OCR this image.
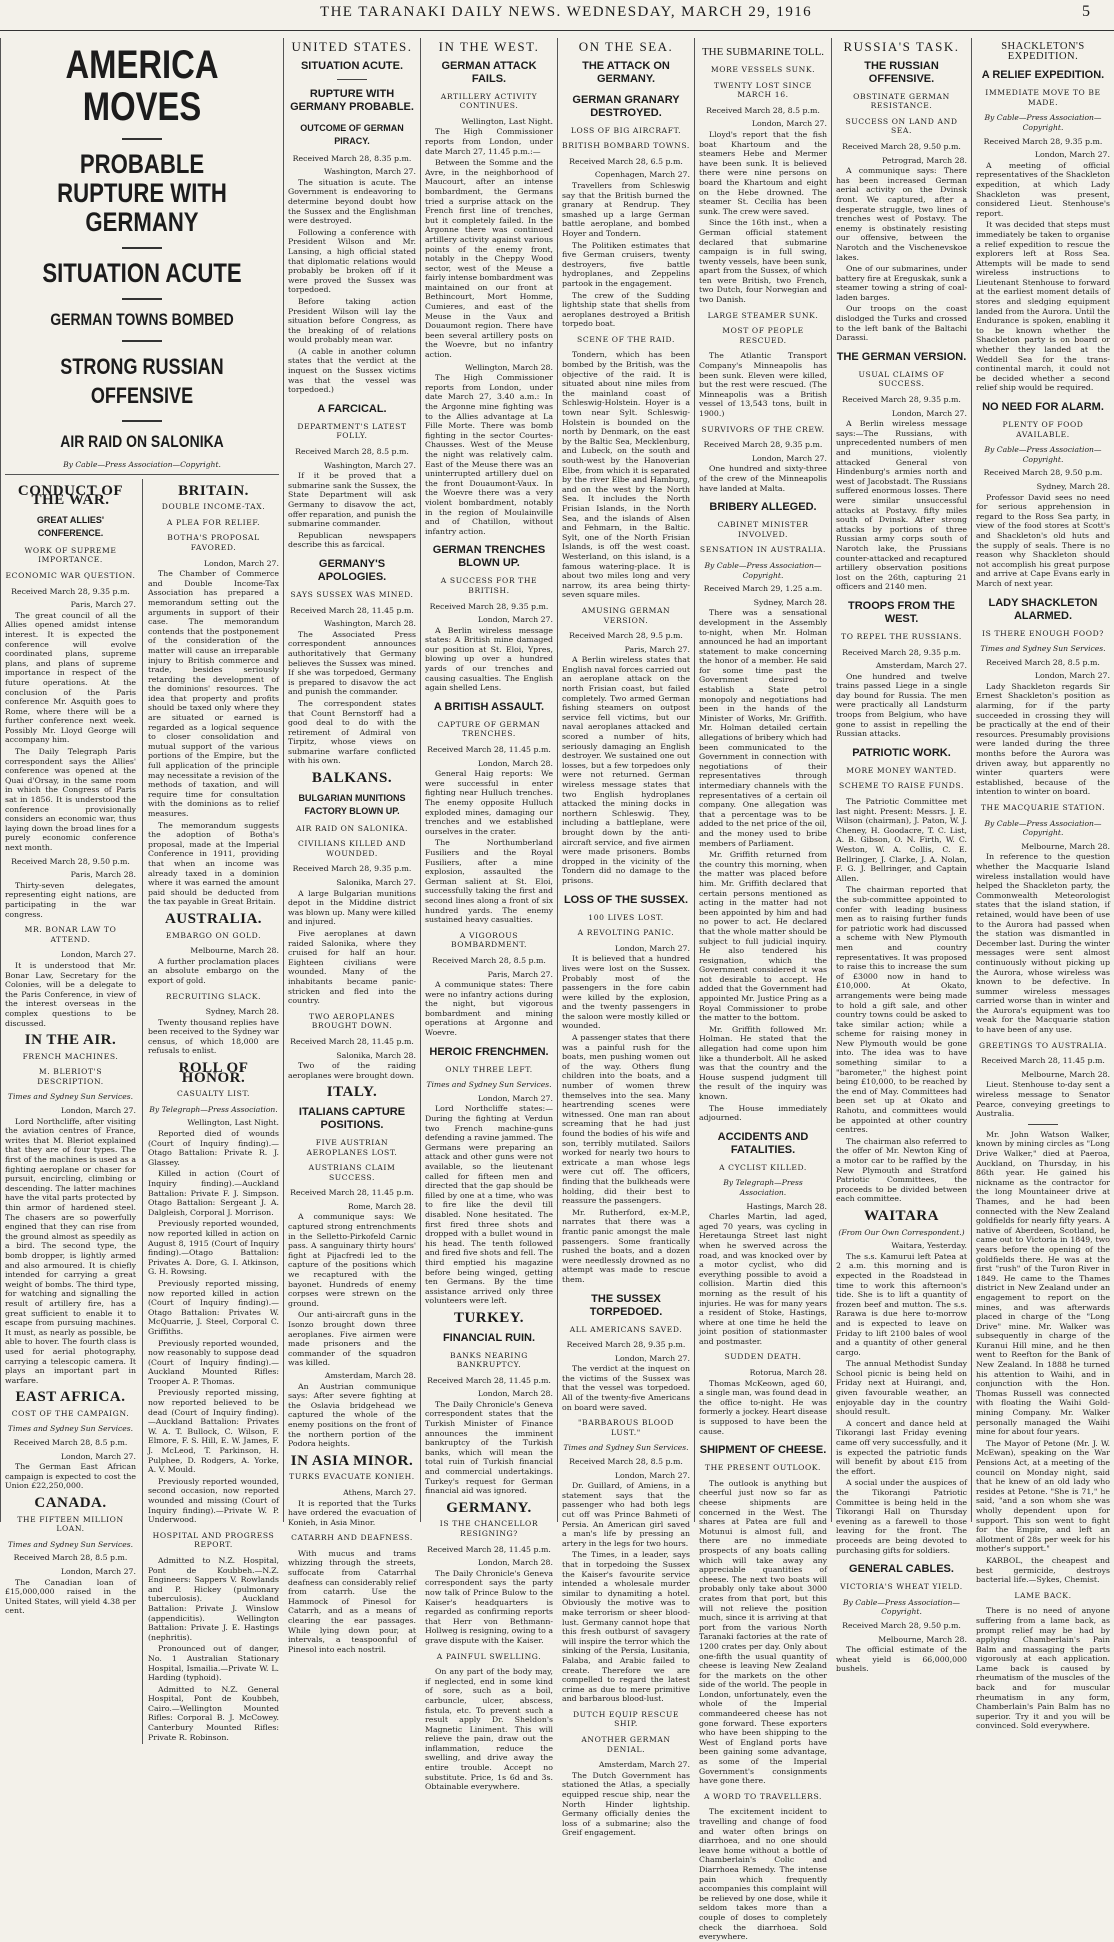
THE TARANAKI DAILY NEWS. WEDNESDAY, MARCH 29, 1916	5
AMERICA MOVES
PROBABLE RUPTURE WITH GERMANY
SITUATION ACUTE
GERMAN TOWNS BOMBED
STRONG RUSSIAN OFFENSIVE
AIR RAID ON SALONIKA
By Cable—Press Association—Copyright.
CONDUCT OF THE WAR.
GREAT ALLIES' CONFERENCE.
WORK OF SUPREME IMPORTANCE.
ECONOMIC WAR QUESTION.
Received March 28, 9.35 p.m.
Paris, March 27.

The great council of all the Allies opened amidst intense interest. It is expected the conference will evolve coordinated plans, supreme plans, and plans of supreme importance in respect of the future operations. At the conclusion of the Paris conference Mr. Asquith goes to Rome, where there will be a further conference next week. Possibly Mr. Lloyd George will accompany him.

The Daily Telegraph Paris correspondent says the Allies' conference was opened at the Quai d'Orsay, in the same room in which the Congress of Paris sat in 1856. It is understood the conference provisionally considers an economic war, thus laying down the broad lines for a purely economic conference next month.

Received March 28, 9.50 p.m.
Paris, March 28.

Thirty-seven delegates, representing eight nations, are participating in the war congress.

MR. BONAR LAW TO ATTEND.
London, March 27.

It is understood that Mr. Bonar Law, Secretary for the Colonies, will be a delegate to the Paris Conference, in view of the interest overseas in the complex questions to be discussed.

IN THE AIR.
FRENCH MACHINES.
M. BLERIOT'S DESCRIPTION.
Times and Sydney Sun Services.
London, March 27.

Lord Northcliffe, after visiting the aviation centres of France, writes that M. Bleriot explained that they are of four types. The first of the machines is used as a fighting aeroplane or chaser for pursuit, encircling, climbing or descending. The latter machines have the vital parts protected by thin armor of hardened steel. The chasers are so powerfully engined that they can rise from the ground almost as speedily as a bird. The second type, the bomb dropper, is lightly armed and also armoured. It is chiefly intended for carrying a great weight of bombs. The third type, for watching and signalling the result of artillery fire, has a great sufficient to enable it to escape from pursuing machines. It must, as nearly as possible, be able to hover. The fourth class is used for aerial photography, carrying a telescopic camera. It plays an important part in warfare.

EAST AFRICA.
COST OF THE CAMPAIGN.
Times and Sydney Sun Services.
Received March 28, 8.5 p.m.
London, March 27.

The German East African campaign is expected to cost the Union £22,250,000.

CANADA.
THE FIFTEEN MILLION LOAN.
Times and Sydney Sun Services.
Received March 28, 8.5 p.m.
London, March 27.

The Canadian loan of £15,000,000 raised in the United States, will yield 4.38 per cent.

BRITAIN.
DOUBLE INCOME-TAX.
A PLEA FOR RELIEF.
BOTHA'S PROPOSAL FAVORED.
London, March 27.

The Chamber of Commerce and Double Income-Tax Association has prepared a memorandum setting out the arguments in support of their case. The memorandum contends that the postponement of the consideration of the matter will cause an irreparable injury to British commerce and trade, besides seriously retarding the development of the dominions' resources. The idea that property and profits should be taxed only where they are situated or earned is regarded as a logical sequence to closer consolidation and mutual support of the various portions of the Empire, but the full application of the principle may necessitate a revision of the methods of taxation, and will require time for consultation with the dominions as to relief measures.

The memorandum suggests the adoption of Botha's proposal, made at the Imperial Conference in 1911, providing that when an income was already taxed in a dominion where it was earned the amount paid should be deducted from the tax payable in Great Britain.

AUSTRALIA.
EMBARGO ON GOLD.
Melbourne, March 28.

A further proclamation places an absolute embargo on the export of gold.

RECRUITING SLACK.
Sydney, March 28.

Twenty thousand replies have been received to the Sydney war census, of which 18,000 are refusals to enlist.

ROLL OF HONOR.
CASUALTY LIST.
By Telegraph—Press Association.
Wellington, Last Night.

Reported died of wounds (Court of Inquiry finding).—Otago Battalion: Private R. J. Glassey.

Killed in action (Court of Inquiry finding).—Auckland Battalion: Private F. J. Simpson. Otago Battalion: Sergeant J. A. Dalgleish, Corporal J. Morrison.

Previously reported wounded, now reported killed in action on August 8, 1915 (Court of Inquiry finding).—Otago Battalion: Privates A. Dore, G. I. Atkinson, G. H. Rowsing.

Previously reported missing, now reported killed in action (Court of Inquiry finding).—Otago Battalion: Privates W. McQuarrie, J. Steel, Corporal C. Griffiths.

Previously reported wounded, now reasonably to suppose dead (Court of Inquiry finding).—Auckland Mounted Rifles: Trooper A. P. Thomas.

Previously reported missing, now reported believed to be dead (Court of Inquiry finding).—Auckland Battalion: Privates W. A. T. Bullock, C. Wilson, F. Elmore, F. S. Hill, E. W. James, F. J. McLeod, T. Parkinson, H. Pulphee, D. Rodgers, A. Yorke, A. V. Mould.

Previously reported wounded, second occasion, now reported wounded and missing (Court of Inquiry finding).—Private W. P. Underwood.

HOSPITAL AND PROGRESS REPORT.

Admitted to N.Z. Hospital, Pont de Koubbeh.—N.Z. Engineers: Sappers V. Rowlands and P. Hickey (pulmonary tuberculosis). Auckland Battalion: Private J. Winslow (appendicitis). Wellington Battalion: Private J. E. Hastings (nephritis).

Pronounced out of danger, No. 1 Australian Stationary Hospital, Ismailia.—Private W. L. Harding (typhoid).

Admitted to N.Z. General Hospital, Pont de Koubbeh, Cairo.—Wellington Mounted Rifles: Corporal B. J. McCowey. Canterbury Mounted Rifles: Private R. Robinson.

UNITED STATES.
SITUATION ACUTE.
RUPTURE WITH GERMANY PROBABLE.
OUTCOME OF GERMAN PIRACY.
Received March 28, 8.35 p.m.
Washington, March 27.

The situation is acute. The Government is endeavoring to determine beyond doubt how the Sussex and the Englishman were destroyed.

Following a conference with President Wilson and Mr. Lansing, a high official stated that diplomatic relations would probably be broken off if it were proved the Sussex was torpedoed.

Before taking action President Wilson will lay the situation before Congress, as the breaking of of relations would probably mean war.

(A cable in another column states that the verdict at the inquest on the Sussex victims was that the vessel was torpedoed.)

A FARCICAL.
DEPARTMENT'S LATEST FOLLY.
Received March 28, 8.5 p.m.
Washington, March 27.

If it be proved that a submarine sank the Sussex, the State Department will ask Germany to disavow the act, offer reparation, and punish the submarine commander.

Republican newspapers describe this as farcical.

GERMANY'S APOLOGIES.
SAYS SUSSEX WAS MINED.
Received March 28, 11.45 p.m.
Washington, March 28.

The Associated Press correspondent announces authoritatively that Germany believes the Sussex was mined. If she was torpedoed, Germany is prepared to disavow the act and punish the commander.

The correspondent states that Count Bernstorff had a good deal to do with the retirement of Admiral von Tirpitz, whose views on submarine warfare conflicted with his own.

BALKANS.
BULGARIAN MUNITIONS FACTORY BLOWN UP.
AIR RAID ON SALONIKA.
CIVILIANS KILLED AND WOUNDED.
Received March 28, 9.35 p.m.
Salonika, March 27.

A large Bulgarian munitions depot in the Middine district was blown up. Many were killed and injured.

Five aeroplanes at dawn raided Salonika, where they cruised for half an hour. Eighteen civilians were wounded. Many of the inhabitants became panic-stricken and fled into the country.

TWO AEROPLANES BROUGHT DOWN.
Received March 28, 11.45 p.m.
Salonika, March 28.

Two of the raiding aeroplanes were brought down.

ITALY.
ITALIANS CAPTURE POSITIONS.
FIVE AUSTRIAN AEROPLANES LOST.
AUSTRIANS CLAIM SUCCESS.
Received March 28, 11.45 p.m.
Rome, March 28.

A communique says: We captured strong entrenchments in the Selletto-Pirkofeld Carnic pass. A sanguinary thirty hours' fight at Pijacfredi led to the capture of the positions which we recaptured with the bayonet. Hundreds of enemy corpses were strewn on the ground.

Our anti-aircraft guns in the Isonzo brought down three aeroplanes. Five airmen were made prisoners and the commander of the squadron was killed.

Amsterdam, March 28.

An Austrian communique says: After severe fighting at the Oslavia bridgehead we captured the whole of the enemy positions on the front of the northern portion of the Podora heights.

IN ASIA MINOR.
TURKS EVACUATE KONIEH.
Athens, March 27.

It is reported that the Turks have ordered the evacuation of Konieh, in Asia Minor.

CATARRH AND DEAFNESS.

With mucus and trams whizzing through the streets, suffocate from Catarrhal deafness can considerably relief from catarrh. Use the Hammock of Pinesol for Catarrh, and as a means of clearing the ear passages. While lying down pour, at intervals, a teaspoonful of Pinesol into each nostril.

IN THE WEST.
GERMAN ATTACK FAILS.
ARTILLERY ACTIVITY CONTINUES.
Wellington, Last Night.

The High Commissioner reports from London, under date March 27, 11.45 p.m.:—

Between the Somme and the Avre, in the neighborhood of Maucourt, after an intense bombardment, the Germans tried a surprise attack on the French first line of trenches, but it completely failed. In the Argonne there was continued artillery activity against various points of the enemy front, notably in the Cheppy Wood sector, west of the Meuse a fairly intense bombardment was maintained on our front at Bethincourt, Mort Homme, Cumieres, and east of the Meuse in the Vaux and Douaumont region. There have been several artillery posts on the Woevre, but no infantry action.

Wellington, March 28.

The High Commissioner reports from London, under date March 27, 3.40 a.m.: In the Argonne mine fighting was to the Allies advantage at La Fille Morte. There was bomb fighting in the sector Courtes-Chausses. West of the Meuse the night was relatively calm. East of the Meuse there was an uninterrupted artillery duel on the front Douaumont-Vaux. In the Woevre there was a very violent bombardment, notably in the region of Moulainville and of Chatillon, without infantry action.

GERMAN TRENCHES BLOWN UP.
A SUCCESS FOR THE BRITISH.
Received March 28, 9.35 p.m.
London, March 27.

A Berlin wireless message states: A British mine damaged our position at St. Eloi, Ypres, blowing up over a hundred yards of our trenches and causing casualties. The English again shelled Lens.

A BRITISH ASSAULT.
CAPTURE OF GERMAN TRENCHES.
Received March 28, 11.45 p.m.
London, March 28.

General Haig reports: We were successful in enter fighting near Hulluch trenches. The enemy opposite Hulluch exploded mines, damaging our trenches and we established ourselves in the crater.

The Northumberland Fusiliers and the Royal Fusiliers, after a mine explosion, assaulted the German salient at St. Eloi, successfully taking the first and second lines along a front of six hundred yards. The enemy sustained heavy casualties.

A VIGOROUS BOMBARDMENT.
Received March 28, 8.5 p.m.
Paris, March 27.

A communique states: There were no infantry actions during the night, but vigorous bombardment and mining operations at Argonne and Woevre.

HEROIC FRENCHMEN.
ONLY THREE LEFT.
Times and Sydney Sun Services.
London, March 27.

Lord Northcliffe states:—During the fighting at Verdun two French machine-guns defending a ravine jammed. The Germans were preparing an attack and other guns were not available, so the lieutenant called for fifteen men and directed that the gap should be filled by one at a time, who was to fire like the devil till disabled. None hesitated. The first fired three shots and dropped with a bullet wound in his head. The tenth followed and fired five shots and fell. The third emptied his magazine before being winged, getting ten Germans. By the time assistance arrived only three volunteers were left.

TURKEY.
FINANCIAL RUIN.
BANKS NEARING BANKRUPTCY.
Received March 28, 11.45 p.m.
London, March 28.

The Daily Chronicle's Geneva correspondent states that the Turkish Minister of Finance announces the imminent bankruptcy of the Turkish banks, which will mean the total ruin of Turkish financial and commercial undertakings. Turkey's request for German financial aid was ignored.

GERMANY.
IS THE CHANCELLOR RESIGNING?
Received March 28, 11.45 p.m.
London, March 28.

The Daily Chronicle's Geneva correspondent says the party now talk of Prince Bulow to the Kaiser's headquarters is regarded as confirming reports that Herr von Bethmann-Hollweg is resigning, owing to a grave dispute with the Kaiser.

A PAINFUL SWELLING.

On any part of the body may, if neglected, end in some kind of sore, such as a boil, carbuncle, ulcer, abscess, fistula, etc. To prevent such a result apply Dr. Sheldon's Magnetic Liniment. This will relieve the pain, draw out the inflammation, reduce the swelling, and drive away the entire trouble. Accept no substitute. Price, 1s 6d and 3s. Obtainable everywhere.

ON THE SEA.
THE ATTACK ON GERMANY.
GERMAN GRANARY DESTROYED.
LOSS OF BIG AIRCRAFT.
BRITISH BOMBARD TOWNS.
Received March 28, 6.5 p.m.
Copenhagen, March 27.

Travellers from Schleswig say that the British burned the granary at Rendrup. They smashed up a large German battle aeroplane, and bombed Hoyer and Tondern.

The Politiken estimates that five German cruisers, twenty destroyers, five battle hydroplanes, and Zeppelins partook in the engagement.

The crew of the Sudding lightship state that shells from aeroplanes destroyed a British torpedo boat.

SCENE OF THE RAID.

Tondern, which has been bombed by the British, was the objective of the raid. It is situated about nine miles from the mainland coast of Schleswig-Holstein. Hoyer is a town near Sylt. Schleswig-Holstein is bounded on the north by Denmark, on the east by the Baltic Sea, Mecklenburg, and Lubeck, on the south and south-west by the Hanoverian Elbe, from which it is separated by the river Elbe and Hamburg, and on the west by the North Sea. It includes the North Frisian Islands, in the North Sea, and the islands of Alsen and Fehmarn, in the Baltic. Sylt, one of the North Frisian Islands, is off the west coast. Westerland, on this island, is a famous watering-place. It is about two miles long and very narrow, its area being thirty-seven square miles.

AMUSING GERMAN VERSION.
Received March 28, 9.5 p.m.
Paris, March 27.

A Berlin wireless states that English naval forces carried out an aeroplane attack on the north Frisian coast, but failed completely. Two armed German fishing steamers on outpost service fell victims, but our naval aeroplanes attacked and scored a number of hits, seriously damaging an English destroyer. We sustained one out losses, but a few torpedoes only were not returned. German wireless message states that two English hydroplanes attacked the mining docks in northern Schleswig. They, including a battleplane, were brought down by the anti-aircraft service, and five airmen were made prisoners. Bombs dropped in the vicinity of the Tondern did no damage to the prisons.

LOSS OF THE SUSSEX.
100 LIVES LOST.
A REVOLTING PANIC.
London, March 27.

It is believed that a hundred lives were lost on the Sussex. Probably most of the passengers in the fore cabin were killed by the explosion, and the twenty passengers in the saloon were mostly killed or wounded.

A passenger states that there was a painful rush for the boats, men pushing women out of the way. Others flung children into the boats, and a number of women threw themselves into the sea. Many heartrending scenes were witnessed. One man ran about screaming that he had just found the bodies of his wife and son, terribly mutilated. Sailors worked for nearly two hours to extricate a man whose legs were cut off. The officers, finding that the bulkheads were holding, did their best to reassure the passengers.

Mr. Rutherford, ex-M.P., narrates that there was a frantic panic amongst the male passengers. Some frantically rushed the boats, and a dozen were needlessly drowned as no attempt was made to rescue them.

THE SUSSEX TORPEDOED.
ALL AMERICANS SAVED.
Received March 28, 9.35 p.m.
London, March 27.

The verdict at the inquest on the victims of the Sussex was that the vessel was torpedoed. All of the twenty-five Americans on board were saved.

"BARBAROUS BLOOD LUST."
Times and Sydney Sun Services.
Received March 28, 8.5 p.m.
London, March 27.

Dr. Guillard, of Amiens, in a statement says that the passenger who had both legs cut off was Prince Bahmeti of Persia. An American girl saved a man's life by pressing an artery in the legs for two hours.

The Times, in a leader, says that in torpedoing the Sussex the Kaiser's favourite service intended a wholesale murder similar to dynamiting a hotel. Obviously the motive was to make terrorism or sheer blood-lust. Germany cannot hope that this fresh outburst of savagery will inspire the terror which the sinking of the Persia, Lusitania, Falaba, and Arabic failed to create. Therefore we are compelled to regard the latest crime as due to mere primitive and barbarous blood-lust.

DUTCH EQUIP RESCUE SHIP.
ANOTHER GERMAN DENIAL.
Amsterdam, March 27.

The Dutch Government has stationed the Atlas, a specially equipped rescue ship, near the North Hinder lightship. Germany officially denies the loss of a submarine; also the Greif engagement.

THE SUBMARINE TOLL.
MORE VESSELS SUNK.
TWENTY LOST SINCE MARCH 16.
Received March 28, 8.5 p.m.
London, March 27.

Lloyd's report that the fish boat Khartoum and the steamers Hebe and Mermer have been sunk. It is believed there were nine persons on board the Khartoum and eight on the Hebe drowned. The steamer St. Cecilia has been sunk. The crew were saved.

Since the 16th inst., when a German official statement declared that submarine campaign is in full swing, twenty vessels, have been sunk, apart from the Sussex, of which ten were British, two French, two Dutch, four Norwegian and two Danish.

LARGE STEAMER SUNK.
MOST OF PEOPLE RESCUED.

The Atlantic Transport Company's Minneapolis has been sunk. Eleven were killed, but the rest were rescued. (The Minneapolis was a British vessel of 13,543 tons, built in 1900.)

SURVIVORS OF THE CREW.
Received March 28, 9.35 p.m.
London, March 27.

One hundred and sixty-three of the crew of the Minneapolis have landed at Malta.

BRIBERY ALLEGED.
CABINET MINISTER INVOLVED.
SENSATION IN AUSTRALIA.
By Cable—Press Association—Copyright.
Received March 29, 1.25 a.m.
Sydney, March 28.

There was a sensational development in the Assembly to-night, when Mr. Holman announced he had an important statement to make concerning the honor of a member. He said for some time past the Government desired to establish a State petrol monopoly and negotiations had been in the hands of the Minister of Works, Mr. Griffith. Mr. Holman detailed certain allegations of bribery which had been communicated to the Government in connection with negotiations of their representatives through intermediary channels with the representatives of a certain oil company. One allegation was that a percentage was to be added to the net price of the oil, and the money used to bribe members of Parliament.

Mr. Griffith returned from the country this morning, when the matter was placed before him. Mr. Griffith declared that certain persons mentioned as acting in the matter had not been appointed by him and had no power to act. He declared that the whole matter should be subject to full judicial inquiry. He also tendered his resignation, which the Government considered it was not desirable to accept. He added that the Government had appointed Mr. Justice Pring as a Royal Commissioner to probe the matter to the bottom.

Mr. Griffith followed Mr. Holman. He stated that the allegation had come upon him like a thunderbolt. All he asked was that the country and the House suspend judgment till the result of the inquiry was known.

The House immediately adjourned.

ACCIDENTS AND FATALITIES.
A CYCLIST KILLED.
By Telegraph—Press Association.
Hastings, March 28.

Charles Martin, lad aged, aged 70 years, was cycling in Heretaunga Street last night when he swerved across the road, and was knocked over by a motor cyclist, who did everything possible to avoid a collision. Martin died this morning as the result of his injuries. He was for many years a resident of Stoke, Hastings, where at one time he held the joint position of stationmaster and postmaster.

SUDDEN DEATH.
Rotorua, March 28.

Thomas McKeown, aged 60, a single man, was found dead in the office to-night. He was formerly a jockey. Heart disease is supposed to have been the cause.

SHIPMENT OF CHEESE.
THE PRESENT OUTLOOK.

The outlook is anything but cheerful just now so far as cheese shipments are concerned in the West. The shares at Patea are full and Motunui is almost full, and there are no immediate prospects of any boats calling which will take away any appreciable quantities of cheese. The next two boats will probably only take about 3000 crates from that port, but this will not relieve the position much, since it is arriving at that port from the various North Taranaki factories at the rate of 1200 crates per day. Only about one-fifth the usual quantity of cheese is leaving New Zealand for the markets on the other side of the world. The people in London, unfortunately, even the whole of the Imperial commandeered cheese has not gone forward. These exporters who have been shipping to the West of England ports have been gaining some advantage, as some of the Imperial Government's consignments have gone there.

A WORD TO TRAVELLERS.

The excitement incident to travelling and change of food and water often brings on diarrhoea, and no one should leave home without a bottle of Chamberlain's Colic and Diarrhoea Remedy. The intense pain which frequently accompanies this complaint will be relieved by one dose, while it seldom takes more than a couple of doses to completely check the diarrhoea. Sold everywhere.

RUSSIA'S TASK.
THE RUSSIAN OFFENSIVE.
OBSTINATE GERMAN RESISTANCE.
SUCCESS ON LAND AND SEA.
Received March 28, 9.50 p.m.
Petrograd, March 28.

A communique says: There has been increased German aerial activity on the Dvinsk front. We captured, after a desperate struggle, two lines of trenches west of Postavy. The enemy is obstinately resisting our offensive, between the Narotch and the Vischenevskoe lakes.

One of our submarines, under battery fire at Ereguskak, sunk a steamer towing a string of coal-laden barges.

Our troops on the coast dislodged the Turks and crossed to the left bank of the Baltachi Darassi.

THE GERMAN VERSION.
USUAL CLAIMS OF SUCCESS.
Received March 28, 9.35 p.m.
London, March 27.

A Berlin wireless message says:—The Russians, with unprecedented numbers of men and munitions, violently attacked General von Hindenburg's armies north and west of Jacobstadt. The Russians suffered enormous losses. There were similar unsuccessful attacks at Postavy. fifty miles south of Dvinsk. After strong attacks by portions of three Russian army corps south of Narotch lake, the Prussians counter-attacked and recaptured artillery observation positions lost on the 26th, capturing 21 officers and 2140 men.

TROOPS FROM THE WEST.
TO REPEL THE RUSSIANS.
Received March 28, 9.35 p.m.
Amsterdam, March 27.

One hundred and twelve trains passed Liege in a single day bound for Russia. The men were practically all Landsturm troops from Belgium, who have gone to assist in repelling the Russian attacks.

PATRIOTIC WORK.
MORE MONEY WANTED.
SCHEME TO RAISE FUNDS.

The Patriotic Committee met last night. Present: Messrs. J. E. Wilson (chairman), J. Paton, W. J. Cheney, H. Goodacre, T. C. List, A. B. Gibson, O. N. Firth, W. C. Weston, W. A. Collis, C. E. Bellringer, J. Clarke, J. A. Nolan, F. G. J. Bellringer, and Captain Allen.

The chairman reported that the sub-committee appointed to confer with leading business men as to raising further funds for patriotic work had discussed a scheme with New Plymouth men and country representatives. It was proposed to raise this to increase the sum of £3000 now in hand to £10,000. At Okato, arrangements were being made to hold a gift sale, and other country towns could be asked to take similar action; while a scheme for raising money in New Plymouth would be gone into. The idea was to have something similar to a "barometer," the highest point being £10,000, to be reached by the end of May. Committees had been set up at Okato and Rahotu, and committees would be appointed at other country centres.

The chairman also referred to the offer of Mr. Newton King of a motor car to be raffled by the New Plymouth and Stratford Patriotic Committees, the proceeds to be divided between each committee.

WAITARA
(From Our Own Correspondent.)
Waitara, Yesterday.

The s.s. Kamurui left Patea at 2 a.m. this morning and is expected in the Roadstead in time to work this afternoon's tide. She is to lift a quantity of frozen beef and mutton. The s.s. Rarawa is due here to-morrow and is expected to leave on Friday to lift 2100 bales of wool and a quantity of other general cargo.

The annual Methodist Sunday School picnic is being held on Friday next at Huirangi, and, given favourable weather, an enjoyable day in the country should result.

A concert and dance held at Tikorangi last Friday evening came off very successfully, and it is expected the patriotic funds will benefit by about £15 from the effort.

A social under the auspices of the Tikorangi Patriotic Committee is being held in the Tikorangi Hall on Thursday evening as a farewell to those leaving for the front. The proceeds are being devoted to purchasing gifts for soldiers.

GENERAL CABLES.
VICTORIA'S WHEAT YIELD.
By Cable—Press Association—Copyright.
Received March 28, 9.50 p.m.
Melbourne, March 28.

The official estimate of the wheat yield is 66,000,000 bushels.

SHACKLETON'S EXPEDITION.
A RELIEF EXPEDITION.
IMMEDIATE MOVE TO BE MADE.
By Cable—Press Association—Copyright.
Received March 28, 9.35 p.m.
London, March 27.

A meeting of official representatives of the Shackleton expedition, at which Lady Shackleton was present, considered Lieut. Stenhouse's report.

It was decided that steps must immediately be taken to organise a relief expedition to rescue the explorers left at Ross Sea. Attempts will be made to send wireless instructions to Lieutenant Stenhouse to forward at the earliest moment details of stores and sledging equipment landed from the Aurora. Until the Endurance is spoken, enabling it to be known whether the Shackleton party is on board or whether they landed at the Weddell Sea for the trans-continental march, it could not be decided whether a second relief ship would be required.

NO NEED FOR ALARM.
PLENTY OF FOOD AVAILABLE.
By Cable—Press Association—Copyright.
Received March 28, 9.50 p.m.
Sydney, March 28.

Professor David sees no need for serious apprehension in regard to the Ross Sea party, in view of the food stores at Scott's and Shackleton's old huts and the supply of seals. There is no reason why Shackleton should not accomplish his great purpose and arrive at Cape Evans early in March of next year.

LADY SHACKLETON ALARMED.
IS THERE ENOUGH FOOD?
Times and Sydney Sun Services.
Received March 28, 8.5 p.m.
London, March 27.

Lady Shackleton regards Sir Ernest Shackleton's position as alarming, for if the party succeeded in crossing they will be practically at the end of their resources. Presumably provisions were landed during the three months before the Aurora was driven away, but apparently no winter quarters were established, because of the intention to winter on board.

THE MACQUARIE STATION.
By Cable—Press Association—Copyright.
Melbourne, March 28.

In reference to the question whether the Macquarie Island wireless installation would have helped the Shackleton party, the Commonwealth Meteorologist states that the island station, if retained, would have been of use to the Aurora had passed when the station was dismantled in December last. During the winter messages were sent almost continuously without picking up the Aurora, whose wireless was known to be defective. In summer wireless messages carried worse than in winter and the Aurora's equipment was too weak for the Macquarie station to have been of any use.

GREETINGS TO AUSTRALIA.
Received March 28, 11.45 p.m.
Melbourne, March 28.

Lieut. Stenhouse to-day sent a wireless message to Senator Pearce, conveying greetings to Australia.

Mr. John Watson Walker, known by mining circles as "Long Drive Walker," died at Paeroa, Auckland, on Thursday, in his 86th year. He gained his nickname as the contractor for the long Mountaineer drive at Thames, and he had been connected with the New Zealand goldfields for nearly fifty years. A native of Aberdeen, Scotland, he came out to Victoria in 1849, two years before the opening of the goldfields there. He was at the first "rush" of the Turon River in 1849. He came to the Thames district in New Zealand under an engagement to report on the mines, and was afterwards placed in charge of the "Long Drive" mine. Mr. Walker was subsequently in charge of the Kuranui Hill mine, and he then went to Reefton for the Bank of New Zealand. In 1888 he turned his attention to Waihi, and in conjunction with the Hon. Thomas Russell was connected with floating the Waihi Gold-mining Company. Mr. Walker personally managed the Waihi mine for about four years.

The Mayor of Petone (Mr. J. W. McEwan), speaking on the War Pensions Act, at a meeting of the council on Monday night, said that he knew of an old lady who resides at Petone. "She is 71," he said, "and a son whom she was wholly dependent upon for support. This son went to fight for the Empire, and left an allotment of 28s per week for his mother's support."

KARBOL, the cheapest and best germicide, destroys bacterial life.—Sykes, Chemist.

LAME BACK.

There is no need of anyone suffering from a lame back, as prompt relief may be had by applying Chamberlain's Pain Balm and massaging the parts vigorously at each application. Lame back is caused by rheumatism of the muscles of the back and for muscular rheumatism in any form, Chamberlain's Pain Balm has no superior. Try it and you will be convinced. Sold everywhere.
